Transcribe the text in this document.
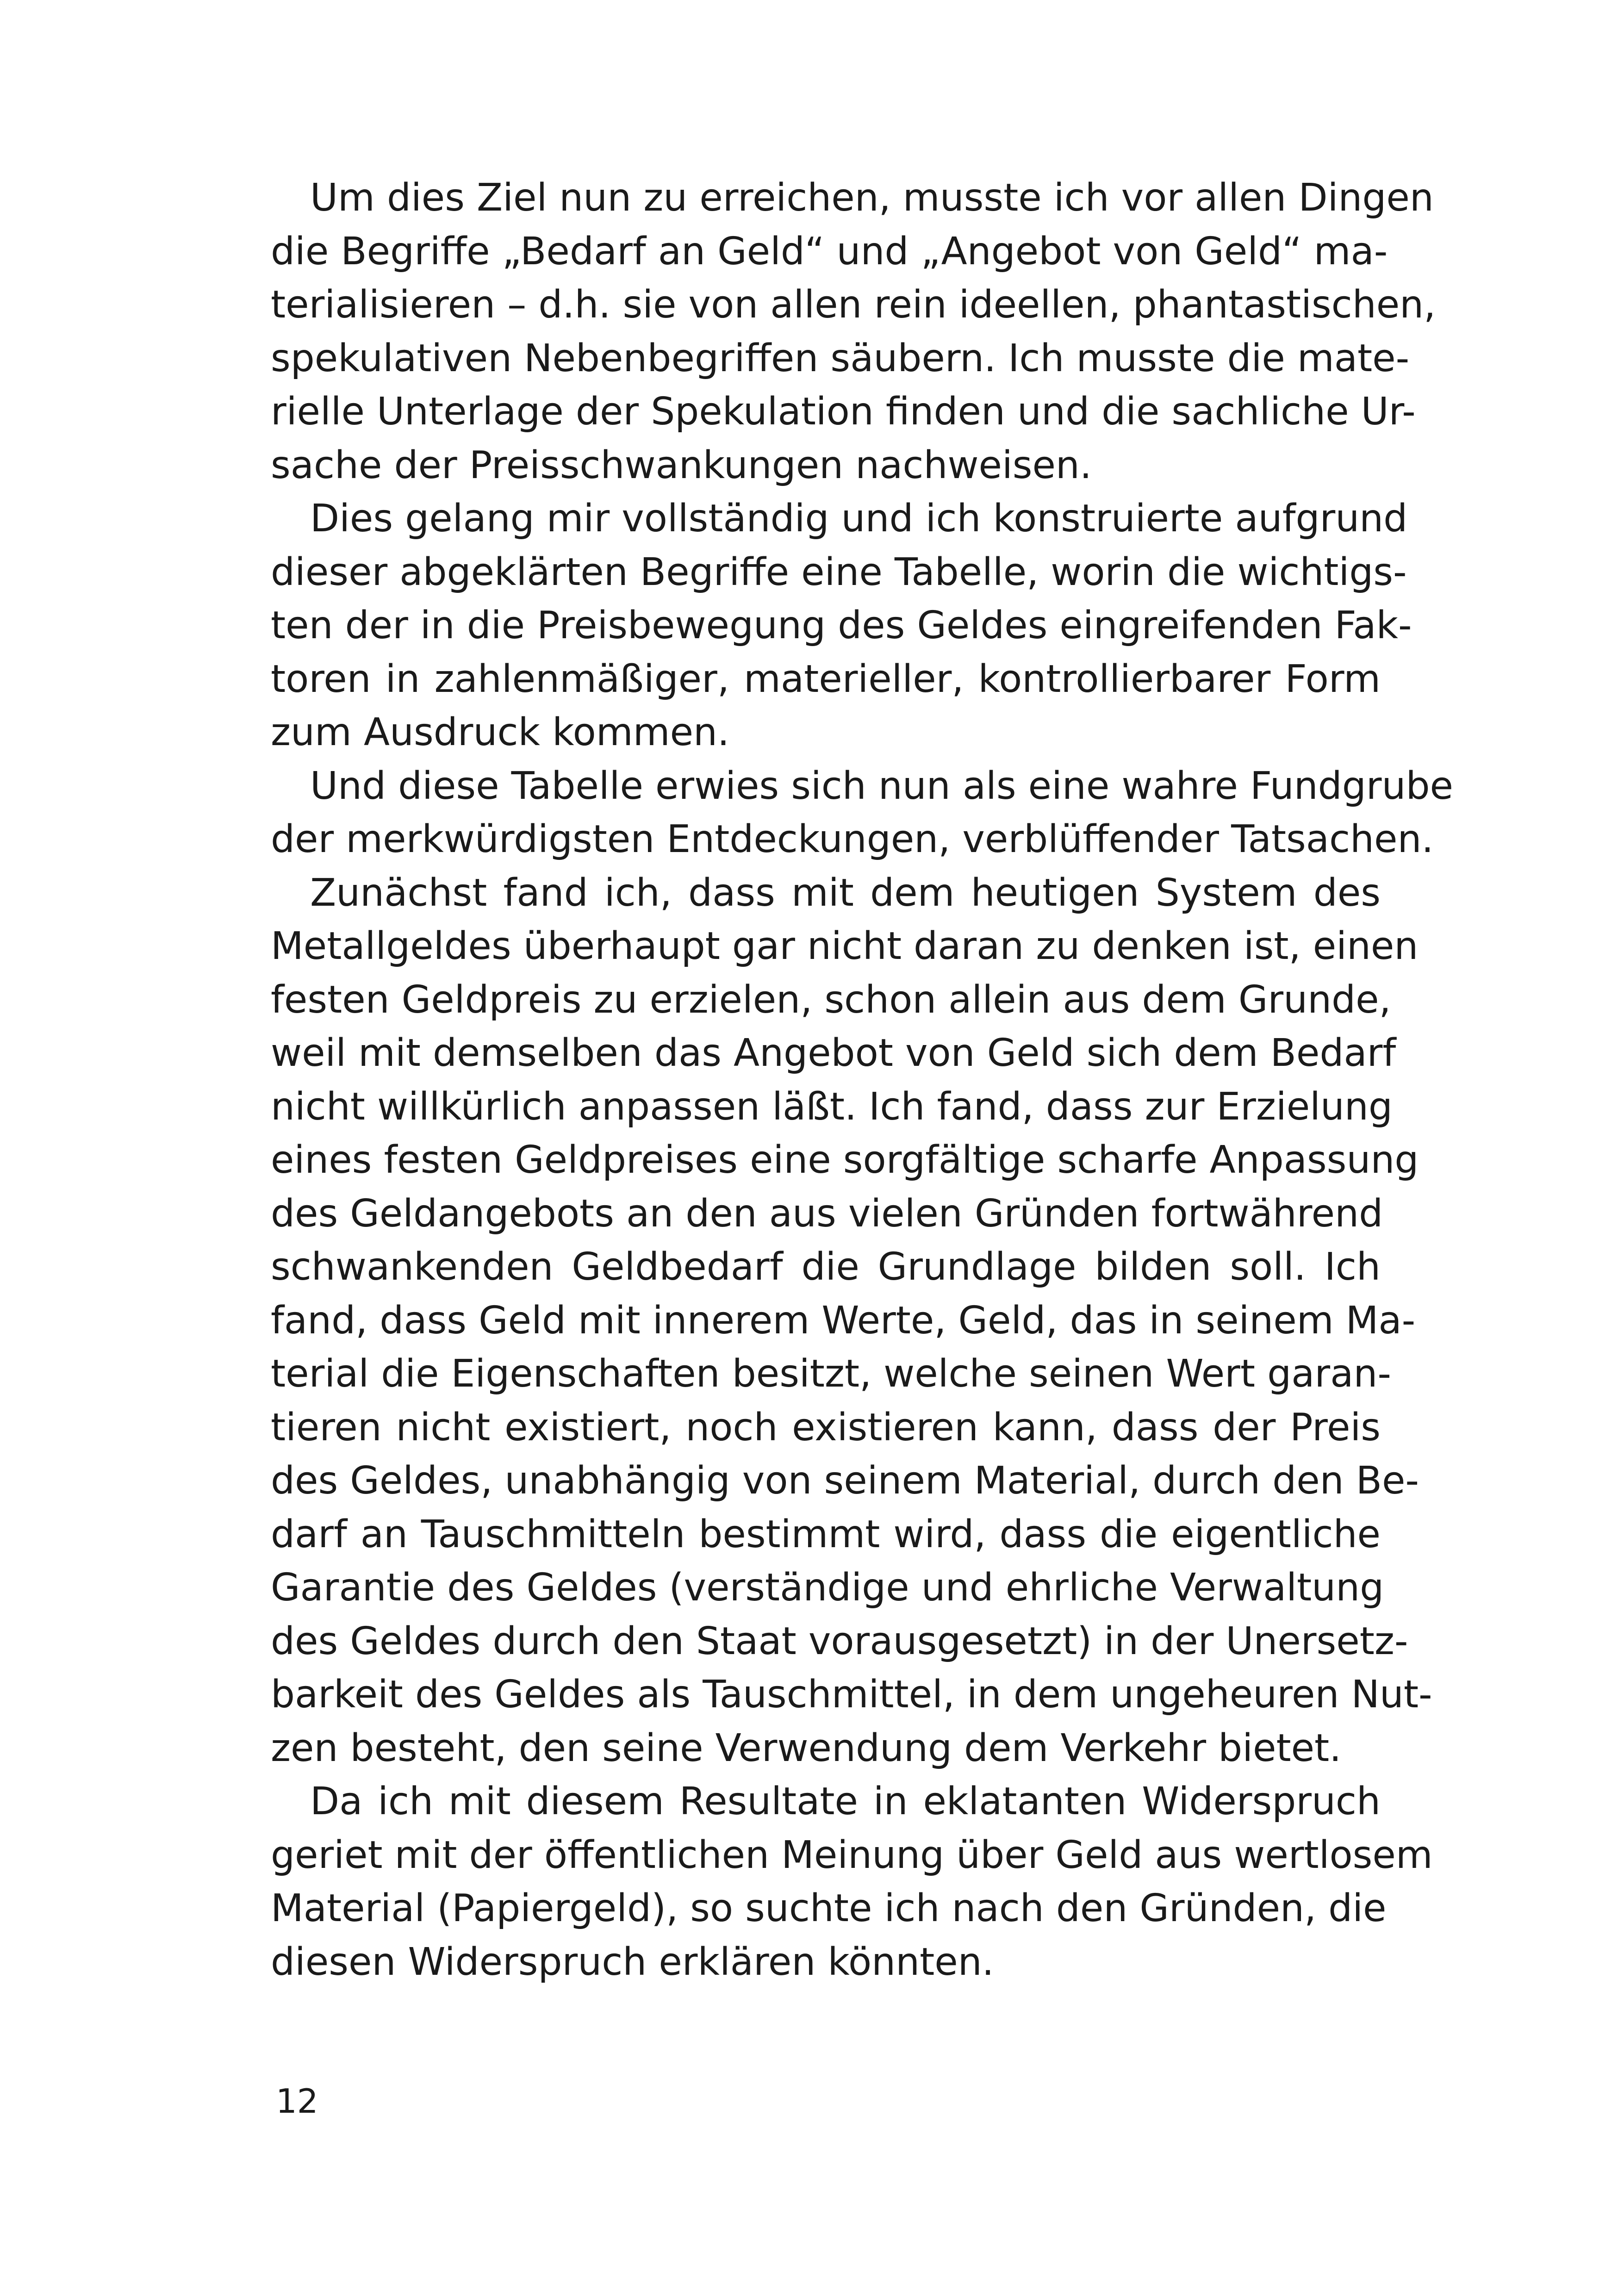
Um dies Ziel nun zu erreichen, musste ich vor allen Dingen
die Begriffe „Bedarf an Geld“ und „Angebot von Geld“ ma-
terialisieren – d.h. sie von allen rein ideellen, phantastischen,
spekulativen Nebenbegriffen säubern. Ich musste die mate-
rielle Unterlage der Spekulation finden und die sachliche Ur-
sache der Preisschwankungen nachweisen.
Dies gelang mir vollständig und ich konstruierte aufgrund
dieser abgeklärten Begriffe eine Tabelle, worin die wichtigs-
ten der in die Preisbewegung des Geldes eingreifenden Fak-
toren in zahlenmäßiger, materieller, kontrollierbarer Form
zum Ausdruck kommen.
Und diese Tabelle erwies sich nun als eine wahre Fundgrube
der merkwürdigsten Entdeckungen, verblüffender Tatsachen.
Zunächst fand ich, dass mit dem heutigen System des
Metallgeldes überhaupt gar nicht daran zu denken ist, einen
festen Geldpreis zu erzielen, schon allein aus dem Grunde,
weil mit demselben das Angebot von Geld sich dem Bedarf
nicht willkürlich anpassen läßt. Ich fand, dass zur Erzielung
eines festen Geldpreises eine sorgfältige scharfe Anpassung
des Geldangebots an den aus vielen Gründen fortwährend
schwankenden Geldbedarf die Grundlage bilden soll. Ich
fand, dass Geld mit innerem Werte, Geld, das in seinem Ma-
terial die Eigenschaften besitzt, welche seinen Wert garan-
tieren nicht existiert, noch existieren kann, dass der Preis
des Geldes, unabhängig von seinem Material, durch den Be-
darf an Tauschmitteln bestimmt wird, dass die eigentliche
Garantie des Geldes (verständige und ehrliche Verwaltung
des Geldes durch den Staat vorausgesetzt) in der Unersetz-
barkeit des Geldes als Tauschmittel, in dem ungeheuren Nut-
zen besteht, den seine Verwendung dem Verkehr bietet.
Da ich mit diesem Resultate in eklatanten Widerspruch
geriet mit der öffentlichen Meinung über Geld aus wertlosem
Material (Papiergeld), so suchte ich nach den Gründen, die
diesen Widerspruch erklären könnten.
12
